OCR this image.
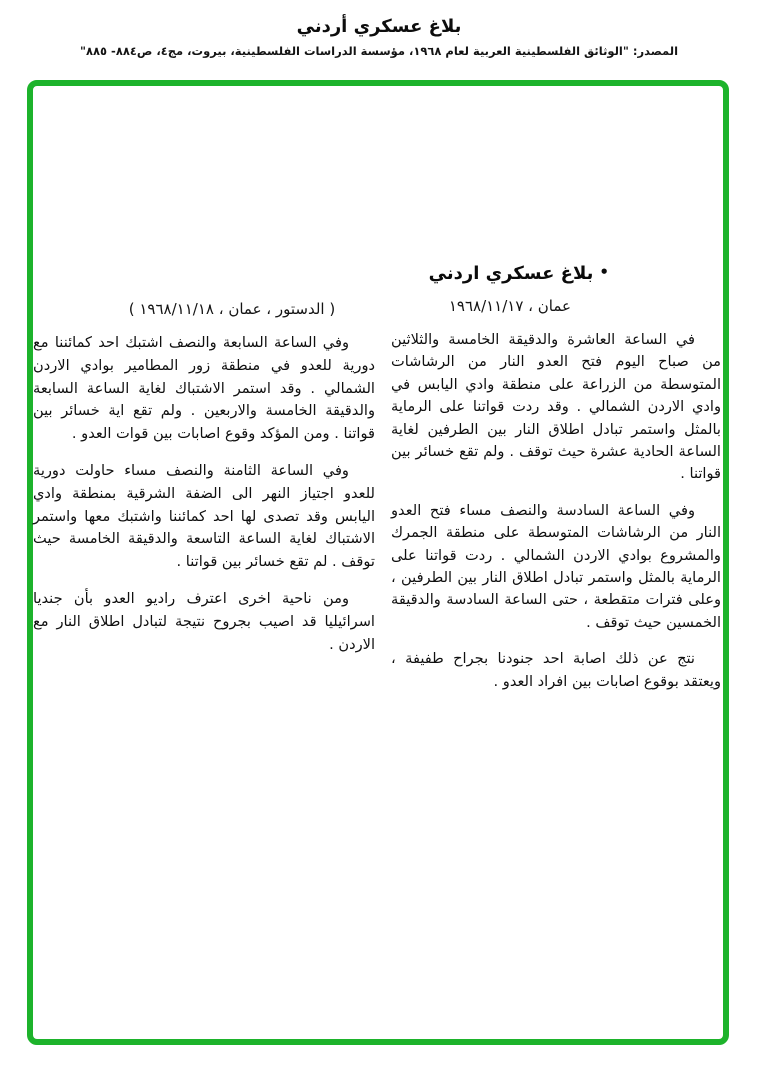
بلاغ عسكري أردني
المصدر: "الوثائق الفلسطينية العربية لعام ١٩٦٨، مؤسسة الدراسات الفلسطينية، بيروت، مج٤، ص٨٨٤- ٨٨٥"
•بلاغ عسكري اردني
عمان ، ١٩٦٨/١١/١٧

في الساعة العاشرة والدقيقة الخامسة والثلاثين من صباح اليوم فتح العدو النار من الرشاشات المتوسطة من الزراعة على منطقة وادي اليابس في وادي الاردن الشمالي . وقد ردت قواتنا على الرماية بالمثل واستمر تبادل اطلاق النار بين الطرفين لغاية الساعة الحادية عشرة حيث توقف . ولم تقع خسائر بين قواتنا .

وفي الساعة السادسة والنصف مساء فتح العدو النار من الرشاشات المتوسطة على منطقة الجمرك والمشروع بوادي الاردن الشمالي . ردت قواتنا على الرماية بالمثل واستمر تبادل اطلاق النار بين الطرفين ، وعلى فترات متقطعة ، حتى الساعة السادسة والدقيقة الخمسين حيث توقف .

نتج عن ذلك اصابة احد جنودنا بجراح طفيفة ، ويعتقد بوقوع اصابات بين افراد العدو .

( الدستور ، عمان ، ١٩٦٨/١١/١٨ )

وفي الساعة السابعة والنصف اشتبك احد كمائننا مع دورية للعدو في منطقة زور المطامير بوادي الاردن الشمالي . وقد استمر الاشتباك لغاية الساعة السابعة والدقيقة الخامسة والاربعين . ولم تقع اية خسائر بين قواتنا . ومن المؤكد وقوع اصابات بين قوات العدو .

وفي الساعة الثامنة والنصف مساء حاولت دورية للعدو اجتياز النهر الى الضفة الشرقية بمنطقة وادي اليابس وقد تصدى لها احد كمائننا واشتبك معها واستمر الاشتباك لغاية الساعة التاسعة والدقيقة الخامسة حيث توقف . لم تقع خسائر بين قواتنا .

ومن ناحية اخرى اعترف راديو العدو بأن جنديا اسرائيليا قد اصيب بجروح نتيجة لتبادل اطلاق النار مع الاردن .
